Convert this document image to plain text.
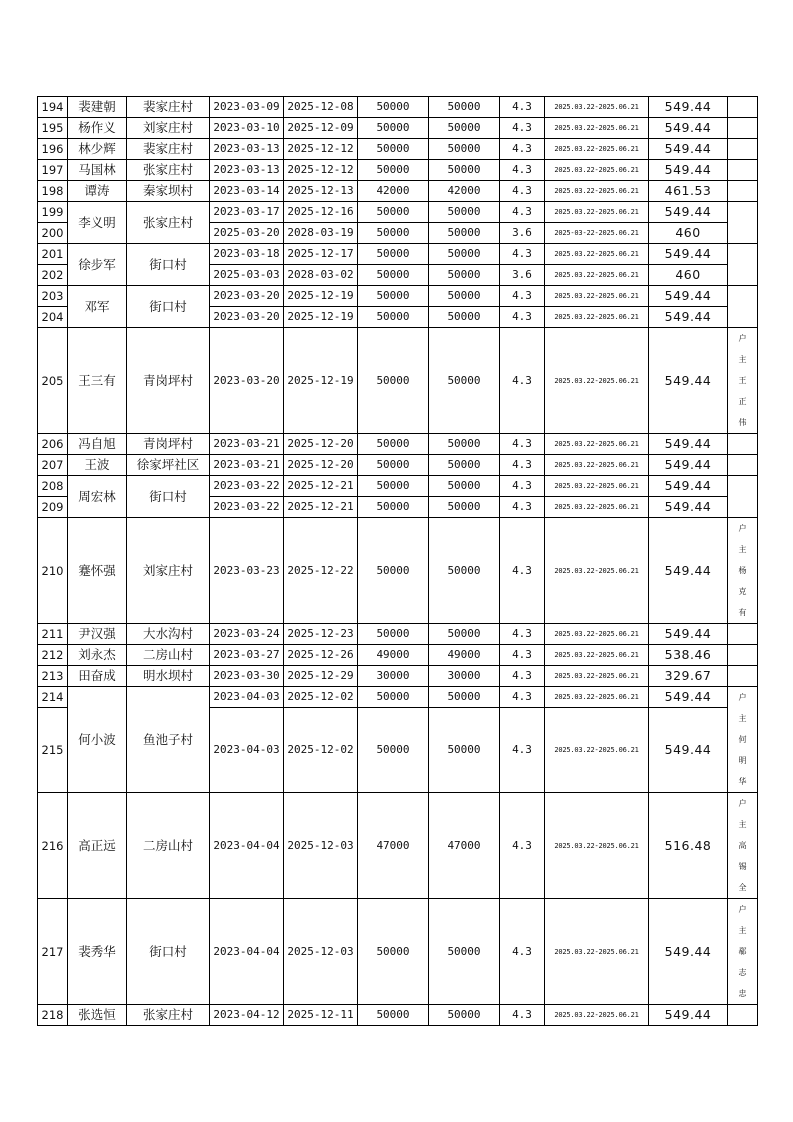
194	裴建朝	裴家庄村	2023-03-09	2025-12-08	50000	50000	4.3	2025.03.22-2025.06.21	549.44	

195	杨作义	刘家庄村	2023-03-10	2025-12-09	50000	50000	4.3	2025.03.22-2025.06.21	549.44	

196	林少辉	裴家庄村	2023-03-13	2025-12-12	50000	50000	4.3	2025.03.22-2025.06.21	549.44	

197	马国林	张家庄村	2023-03-13	2025-12-12	50000	50000	4.3	2025.03.22-2025.06.21	549.44	

198	谭涛	秦家坝村	2023-03-14	2025-12-13	42000	42000	4.3	2025.03.22-2025.06.21	461.53	

199	李义明	张家庄村	2023-03-17	2025-12-16	50000	50000	4.3	2025.03.22-2025.06.21	549.44	

200			2025-03-20	2028-03-19	50000	50000	3.6	2025-03-22-2025.06.21	460	
201	徐步军	街口村	2023-03-18	2025-12-17	50000	50000	4.3	2025.03.22-2025.06.21	549.44	

202			2025-03-03	2028-03-02	50000	50000	3.6	2025.03.22-2025.06.21	460	
203	邓军	街口村	2023-03-20	2025-12-19	50000	50000	4.3	2025.03.22-2025.06.21	549.44	

204			2023-03-20	2025-12-19	50000	50000	4.3	2025.03.22-2025.06.21	549.44	
205	王三有	青岗坪村	2023-03-20	2025-12-19	50000	50000	4.3	2025.03.22-2025.06.21	549.44	户主王正伟

206	冯自旭	青岗坪村	2023-03-21	2025-12-20	50000	50000	4.3	2025.03.22-2025.06.21	549.44	

207	王波	徐家坪社区	2023-03-21	2025-12-20	50000	50000	4.3	2025.03.22-2025.06.21	549.44	

208	周宏林	街口村	2023-03-22	2025-12-21	50000	50000	4.3	2025.03.22-2025.06.21	549.44	

209			2023-03-22	2025-12-21	50000	50000	4.3	2025.03.22-2025.06.21	549.44	
210	蹇怀强	刘家庄村	2023-03-23	2025-12-22	50000	50000	4.3	2025.03.22-2025.06.21	549.44	户主杨克有

211	尹汉强	大水沟村	2023-03-24	2025-12-23	50000	50000	4.3	2025.03.22-2025.06.21	549.44	

212	刘永杰	二房山村	2023-03-27	2025-12-26	49000	49000	4.3	2025.03.22-2025.06.21	538.46	

213	田奋成	明水坝村	2023-03-30	2025-12-29	30000	30000	4.3	2025.03.22-2025.06.21	329.67	

214	何小波	鱼池子村	2023-04-03	2025-12-02	50000	50000	4.3	2025.03.22-2025.06.21	549.44	户主何明华

215			2023-04-03	2025-12-02	50000	50000	4.3	2025.03.22-2025.06.21	549.44	
216	高正远	二房山村	2023-04-04	2025-12-03	47000	47000	4.3	2025.03.22-2025.06.21	516.48	户主高锡全

217	裴秀华	街口村	2023-04-04	2025-12-03	50000	50000	4.3	2025.03.22-2025.06.21	549.44	户主郗志忠

218	张选恒	张家庄村	2023-04-12	2025-12-11	50000	50000	4.3	2025.03.22-2025.06.21	549.44	
